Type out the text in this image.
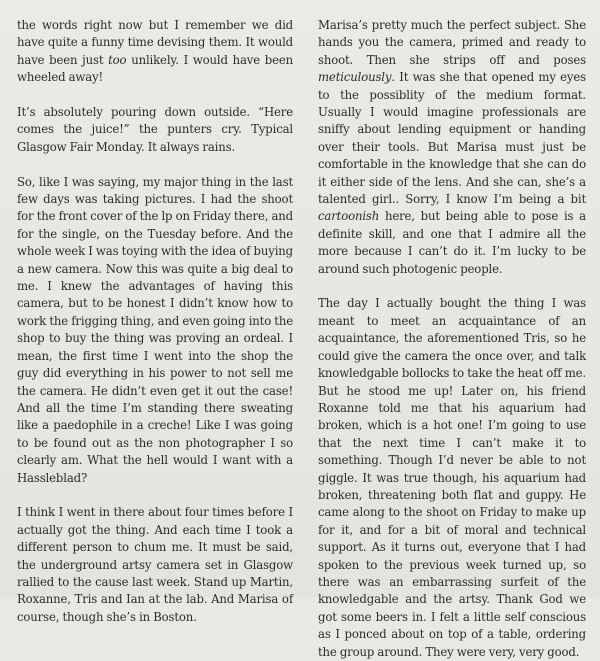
the words right now but I remember we did have quite a funny time devising them. It would have been just too unlikely. I would have been wheeled away!

It’s absolutely pouring down outside. “Here comes the juice!” the punters cry. Typical Glasgow Fair Monday. It always rains.

So, like I was saying, my major thing in the last few days was taking pictures. I had the shoot for the front cover of the lp on Friday there, and for the single, on the Tuesday before. And the whole week I was toying with the idea of buying a new camera. Now this was quite a big deal to me. I knew the advantages of having this camera, but to be honest I didn’t know how to work the frigging thing, and even going into the shop to buy the thing was proving an ordeal. I mean, the first time I went into the shop the guy did everything in his power to not sell me the camera. He didn’t even get it out the case! And all the time I’m standing there sweating like a paedophile in a creche! Like I was going to be found out as the non photographer I so clearly am. What the hell would I want with a Hassleblad?

I think I went in there about four times before I actually got the thing. And each time I took a different person to chum me. It must be said, the underground artsy camera set in Glasgow rallied to the cause last week. Stand up Martin, Roxanne, Tris and Ian at the lab. And Marisa of course, though she’s in Boston.

Marisa’s pretty much the perfect subject. She hands you the camera, primed and ready to shoot. Then she strips off and poses meticulously. It was she that opened my eyes to the possiblity of the medium format. Usually I would imagine professionals are sniffy about lending equipment or handing over their tools. But Marisa must just be comfortable in the knowledge that she can do it either side of the lens. And she can, she’s a talented girl.. Sorry, I know I’m being a bit cartoonish here, but being able to pose is a definite skill, and one that I admire all the more because I can’t do it. I’m lucky to be around such photogenic people.

The day I actually bought the thing I was meant to meet an acquaintance of an acquaintance, the aforementioned Tris, so he could give the camera the once over, and talk knowledgable bollocks to take the heat off me. But he stood me up! Later on, his friend Roxanne told me that his aquarium had broken, which is a hot one! I’m going to use that the next time I can’t make it to something. Though I’d never be able to not giggle. It was true though, his aquarium had broken, threatening both flat and guppy. He came along to the shoot on Friday to make up for it, and for a bit of moral and technical support. As it turns out, everyone that I had spoken to the previous week turned up, so there was an embarrassing surfeit of the knowledgable and the artsy. Thank God we got some beers in. I felt a little self conscious as I ponced about on top of a table, ordering the group around. They were very, very good.
